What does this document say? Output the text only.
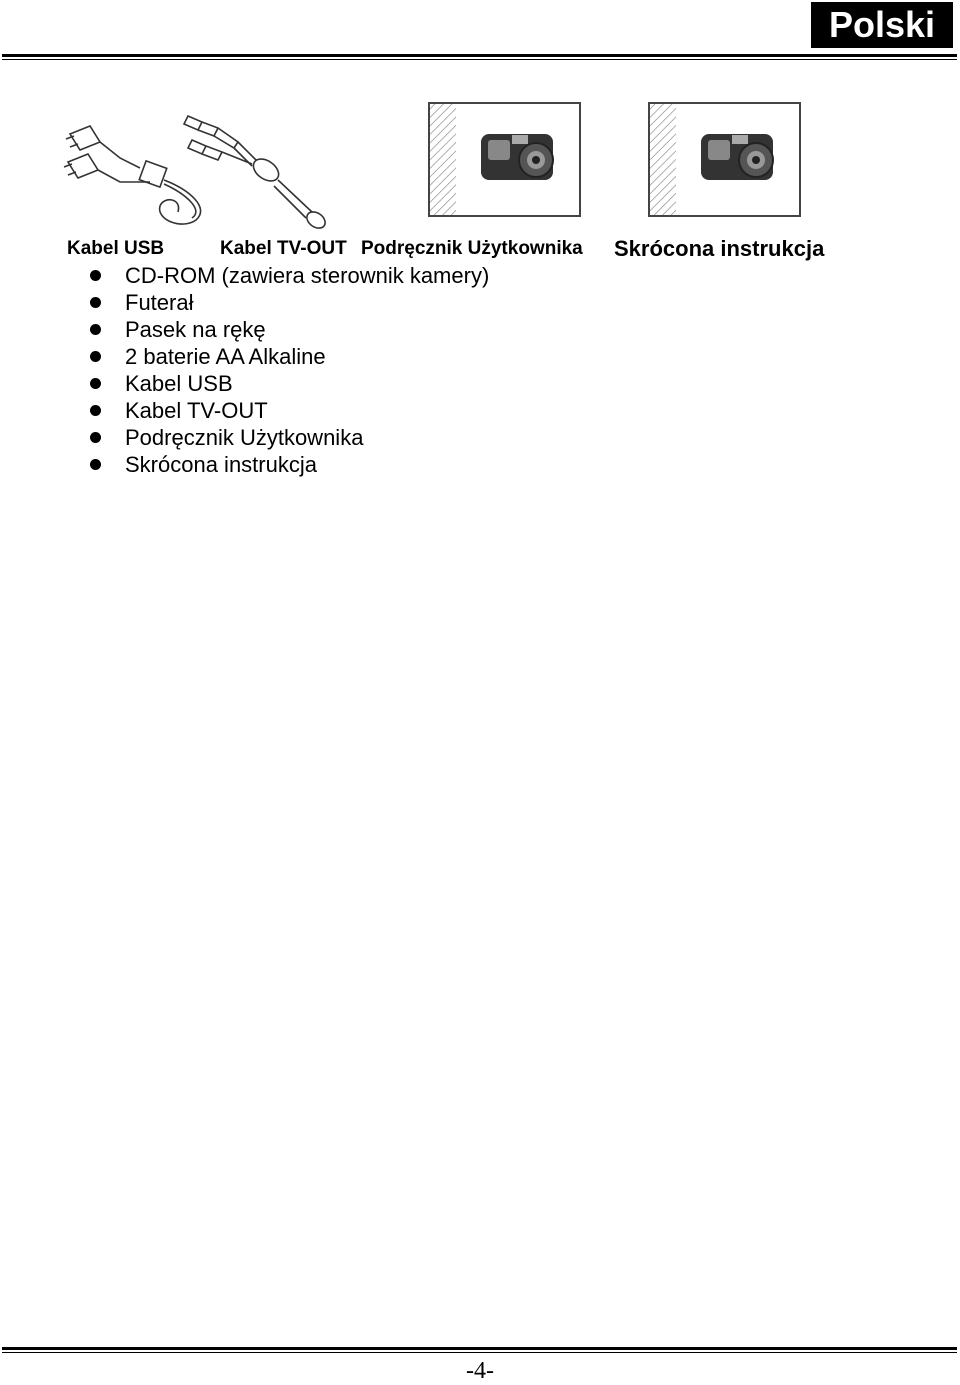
Polski
Kabel USB	Kabel TV-OUT Podręcznik Użytkownika Skrócona instrukcja
CD-ROM (zawiera sterownik kamery)
Futerał
Pasek na rękę
2 baterie AA Alkaline
Kabel USB
Kabel TV-OUT
Podręcznik Użytkownika
Skrócona instrukcja
-4-
